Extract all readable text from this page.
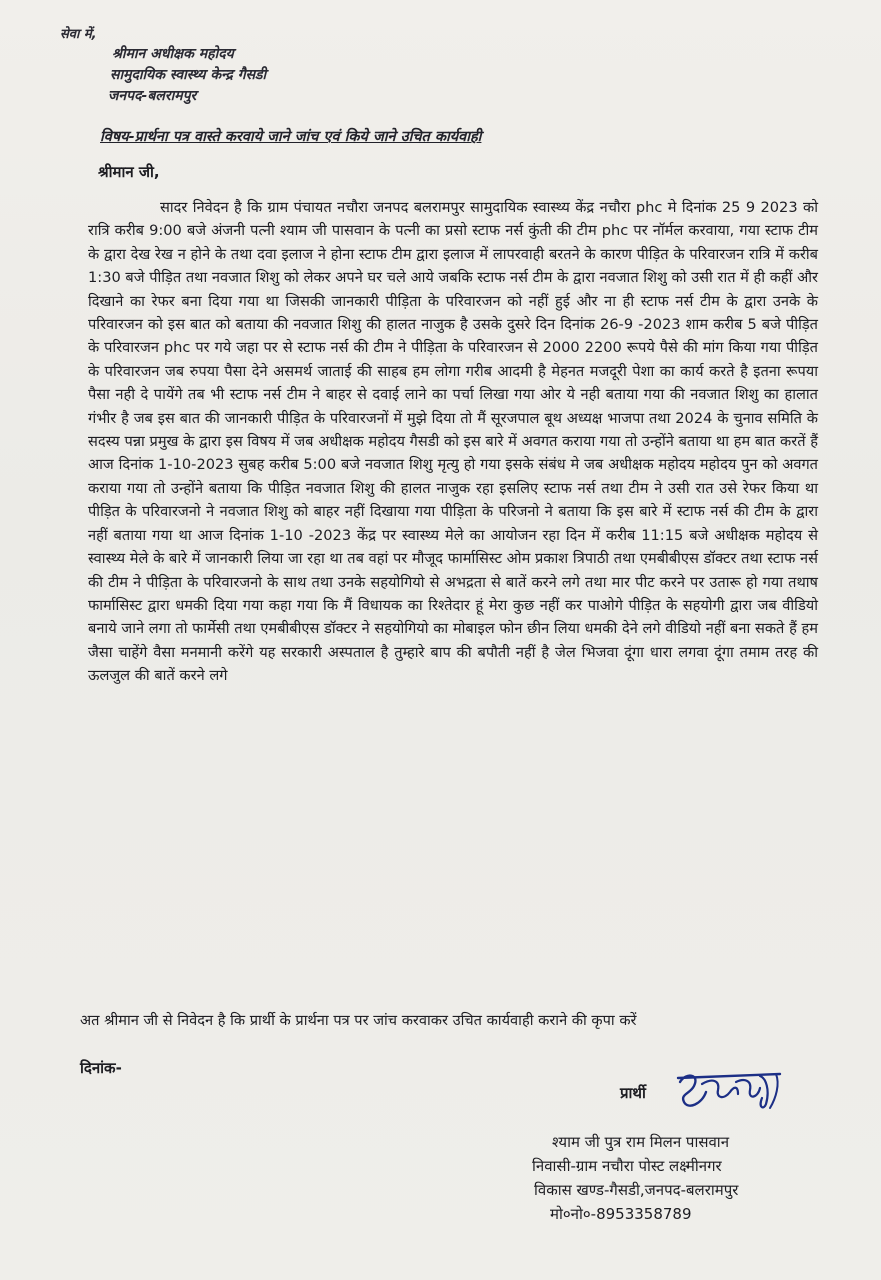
सेवा में,
श्रीमान अधीक्षक महोदय
सामुदायिक स्वास्थ्य केन्द्र गैसडी
जनपद-बलरामपुर
विषय-प्रार्थना पत्र वास्ते करवाये जाने जांच एवं किये जाने उचित कार्यवाही
श्रीमान जी,

सादर निवेदन है कि ग्राम पंचायत नचौरा जनपद बलरामपुर सामुदायिक स्वास्थ्य केंद्र नचौरा phc मे दिनांक 25 9 2023 को रात्रि करीब 9:00 बजे अंजनी पत्नी श्याम जी पासवान के पत्नी का प्रसो स्टाफ नर्स कुंती की टीम phc पर नॉर्मल करवाया, गया स्टाफ टीम के द्वारा देख रेख न होने के तथा दवा इलाज ने होना स्टाफ टीम द्वारा इलाज में लापरवाही बरतने के कारण पीड़ित के परिवारजन रात्रि में करीब 1:30 बजे पीड़ित तथा नवजात शिशु को लेकर अपने घर चले आये जबकि स्टाफ नर्स टीम के द्वारा नवजात शिशु को उसी रात में ही कहीं और दिखाने का रेफर बना दिया गया था जिसकी जानकारी पीड़िता के परिवारजन को नहीं हुई और ना ही स्टाफ नर्स टीम के द्वारा उनके के परिवारजन को इस बात को बताया की नवजात शिशु की हालत नाजुक है उसके दुसरे दिन दिनांक 26-9 -2023 शाम करीब 5 बजे पीड़ित के परिवारजन phc पर गये जहा पर से स्टाफ नर्स की टीम ने पीड़िता के परिवारजन से 2000 2200 रूपये पैसे की मांग किया गया पीड़ित के परिवारजन जब रुपया पैसा देने असमर्थ जाताई की साहब हम लोगा गरीब आदमी है मेहनत मजदूरी पेशा का कार्य करते है इतना रूपया पैसा नही दे पायेंगे तब भी स्टाफ नर्स टीम ने बाहर से दवाई लाने का पर्चा लिखा गया ओर ये नही बताया गया की नवजात शिशु का हालात गंभीर है जब इस बात की जानकारी पीड़ित के परिवारजनों में मुझे दिया तो मैं सूरजपाल बूथ अध्यक्ष भाजपा तथा 2024 के चुनाव समिति के सदस्य पन्ना प्रमुख के द्वारा इस विषय में जब अधीक्षक महोदय गैसडी को इस बारे में अवगत कराया गया तो उन्होंने बताया था हम बात करतें हैं आज दिनांक 1-10-2023 सुबह करीब 5:00 बजे नवजात शिशु मृत्यु हो गया इसके संबंध मे जब अधीक्षक महोदय महोदय पुन को अवगत कराया गया तो उन्होंने बताया कि पीड़ित नवजात शिशु की हालत नाजुक रहा इसलिए स्टाफ नर्स तथा टीम ने उसी रात उसे रेफर किया था पीड़ित के परिवारजनो ने नवजात शिशु को बाहर नहीं दिखाया गया पीड़िता के परिजनो ने बताया कि इस बारे में स्टाफ नर्स की टीम के द्वारा नहीं बताया गया था आज दिनांक 1-10 -2023 केंद्र पर स्वास्थ्य मेले का आयोजन रहा दिन में करीब 11:15 बजे अधीक्षक महोदय से स्वास्थ्य मेले के बारे में जानकारी लिया जा रहा था तब वहां पर मौजूद फार्मासिस्ट ओम प्रकाश त्रिपाठी तथा एमबीबीएस डॉक्टर तथा स्टाफ नर्स की टीम ने पीड़िता के परिवारजनो के साथ तथा उनके सहयोगियो से अभद्रता से बातें करने लगे तथा मार पीट करने पर उतारू हो गया तथाष फार्मासिस्ट द्वारा धमकी दिया गया कहा गया कि मैं विधायक का रिश्तेदार हूं मेरा कुछ नहीं कर पाओगे पीड़ित के सहयोगी द्वारा जब वीडियो बनाये जाने लगा तो फार्मेसी तथा एमबीबीएस डॉक्टर ने सहयोगियो का मोबाइल फोन छीन लिया धमकी देने लगे वीडियो नहीं बना सकते हैं हम जैसा चाहेंगे वैसा मनमानी करेंगे यह सरकारी अस्पताल है तुम्हारे बाप की बपौती नहीं है जेल भिजवा दूंगा धारा लगवा दूंगा तमाम तरह की ऊलजुल की बातें करने लगे

अत श्रीमान जी से निवेदन है कि प्रार्थी के प्रार्थना पत्र पर जांच करवाकर उचित कार्यवाही कराने की कृपा करें
दिनांक-
प्रार्थी
श्याम जी पुत्र राम मिलन पासवान
निवासी-ग्राम नचौरा पोस्ट लक्ष्मीनगर
विकास खण्ड-गैसडी,जनपद-बलरामपुर
मो०नो०-8953358789
